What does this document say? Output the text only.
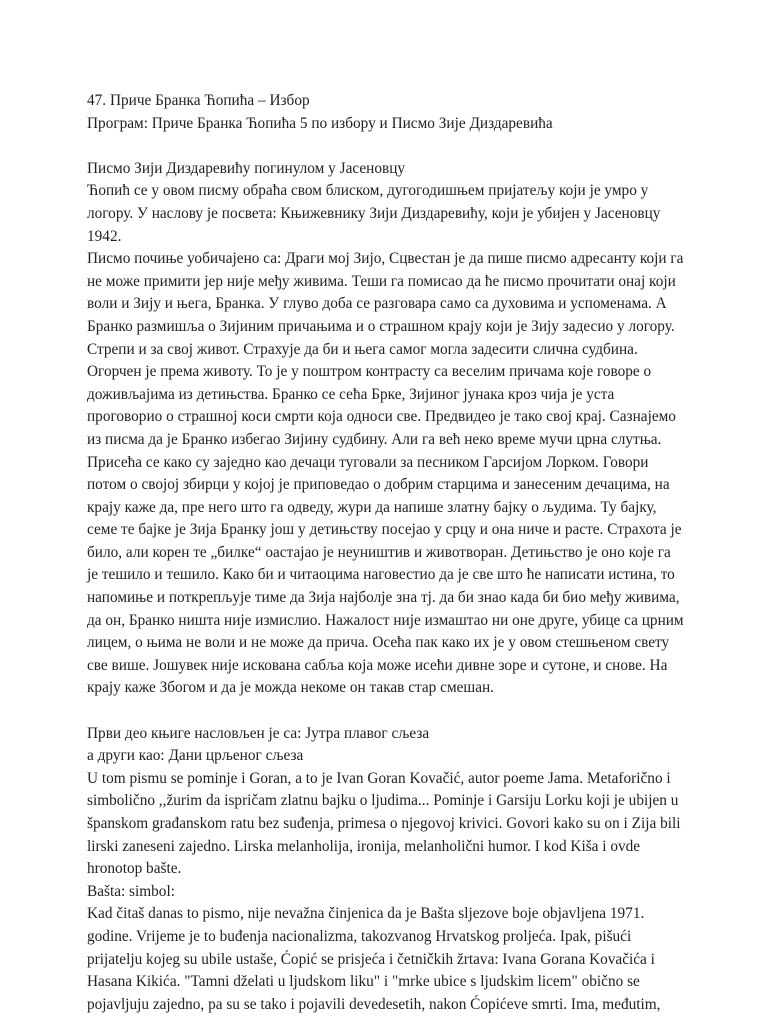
47. Приче Бранка Ћопића – Избор

Програм: Приче Бранка Ћопића 5 по избору и Писмо Зије Диздаревића

Писмо Зији Диздаревићу погинулом у Јасеновцу

Ћопић се у овом писму обраћа свом блиском, дугогодишњем пријатељу који је умро у
логору. У наслову је посвета: Књижевнику Зији Диздаревићу, који је убијен у Јасеновцу
1942.
Писмо почиње уобичајено са: Драги мој Зијо, Сцвестан је да пише писмо адресанту који га
не може примити јер није међу живима. Теши га помисао да ће писмо прочитати онај који
воли и Зију и њега, Бранка. У глуво доба се разговара само са духовима и успоменама. А
Бранко размишља о Зијиним причањима и о страшном крају који је Зију задесио у логору.
Стрепи и за свој живот. Страхује да би и њега самог могла задесити слична судбина.
Огорчен је према животу. То је у поштром контрасту са веселим причама које говоре о
доживљајима из детињства. Бранко се сећа Брке, Зијиног јунака кроз чија је уста
проговорио о страшној коси смрти која односи све. Предвидео је тако свој крај. Сазнајемо
из писма да је Бранко избегао Зијину судбину. Али га већ неко време мучи црна слутња.
Присећа се како су заједно као дечаци туговали за песником Гарсијом Лорком. Говори
потом о својој збирци у којој је приповедао о добрим старцима и занесеним дечацима, на
крају каже да, пре него што га одведу, жури да напише златну бајку о људима. Ту бајку,
семе те бајке је Зија Бранку још у детињству посејао у срцу и она ниче и расте. Страхота је
било, али корен те „билке“ оастајао је неуништив и животворан. Детињство је оно које га
је тешило и тешило. Како би и читаоцима наговестио да је све што ће написати истина, то
напомиње и поткрепљује тиме да Зија најболје зна тј. да би знао када би био међу живима,
да он, Бранко ништа није измислио. Нажалост није измаштао ни оне друге, убице са црним
лицем, о њима не воли и не може да прича. Осећа пак како их је у овом стешњеном свету
све више. Јошувек није искована сабља која може исећи дивне зоре и сутоне, и снове. На
крају каже Збогом и да је можда некоме он такав стар смешан.

Први део књиге насловљен је са: Јутра плавог сљеза

а други као: Дани црљеног сљеза

U tom pismu se pominje i Goran, a to je Ivan Goran Kovačić, autor poeme Jama. Metaforično i
simbolično ,,žurim da ispričam zlatnu bajku o ljudima... Pominje i Garsiju Lorku koji je ubijen u
španskom građanskom ratu bez suđenja, primesa o njegovoj krivici. Govori kako su on i Zija bili
lirski zaneseni zajedno. Lirska melanholija, ironija, melanholični humor. I kod Kiša i ovde
hronotop bašte.

Bašta: simbol:

Kad čitaš danas to pismo, nije nevažna činjenica da je Bašta sljezove boje objavljena 1971.
godine. Vrijeme je to buđenja nacionalizma, takozvanog Hrvatskog proljeća. Ipak, pišući
prijatelju kojeg su ubile ustaše, Ćopić se prisjeća i četničkih žrtava: Ivana Gorana Kovačića i
Hasana Kikića. "Tamni dželati u ljudskom liku" i "mrke ubice s ljudskim licem" obično se
pojavljuju zajedno, pa su se tako i pojavili devedesetih, nakon Ćopićeve smrti. Ima, međutim,
